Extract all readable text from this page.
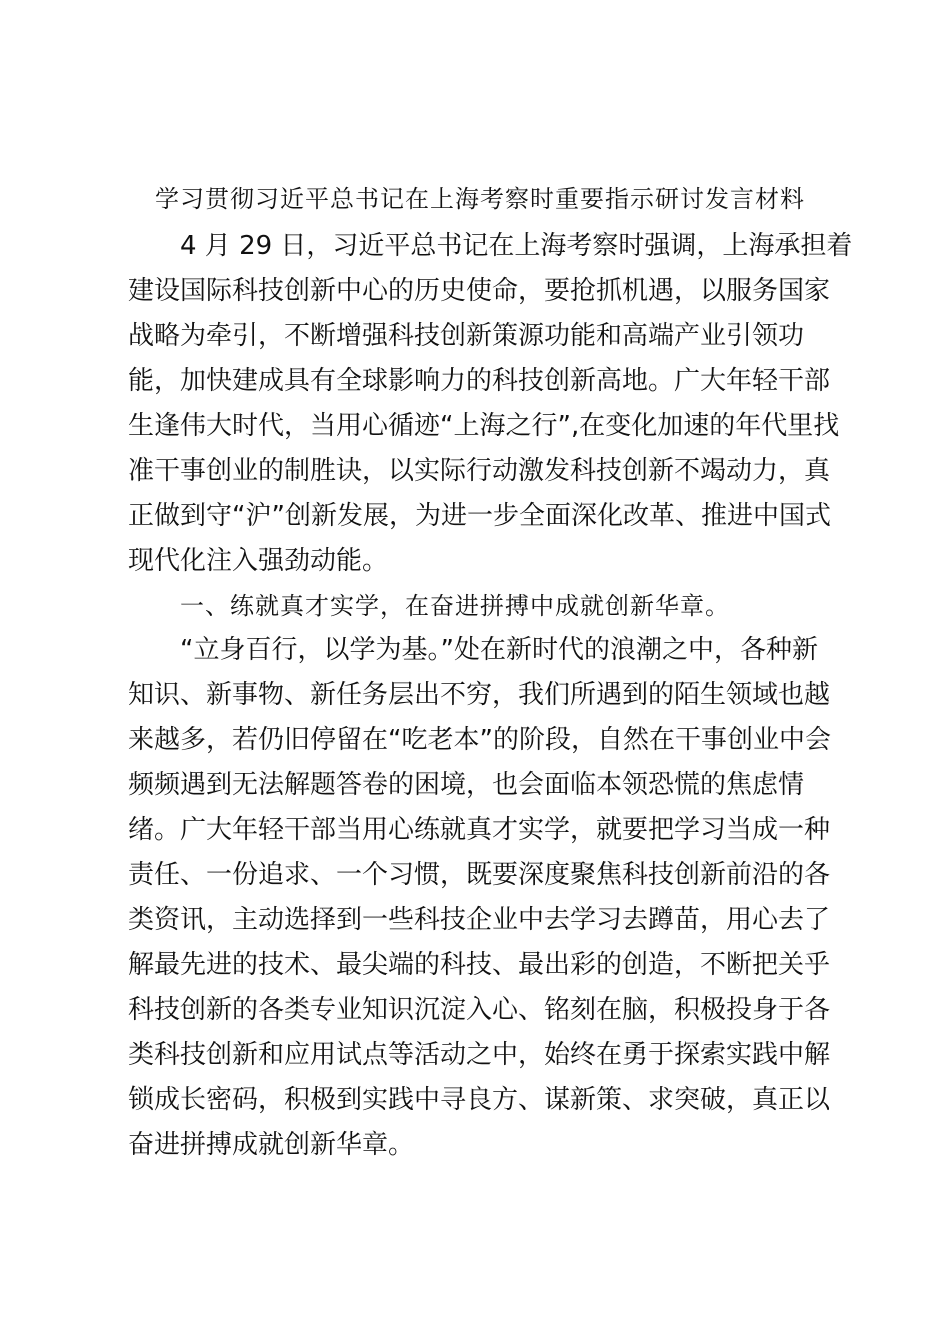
学习贯彻习近平总书记在上海考察时重要指示研讨发言材料
4 月 29 日，习近平总书记在上海考察时强调，上海承担着
建设国际科技创新中心的历史使命，要抢抓机遇，以服务国家
战略为牵引，不断增强科技创新策源功能和高端产业引领功
能，加快建成具有全球影响力的科技创新高地。广大年轻干部
生逢伟大时代，当用心循迹“上海之行”,在变化加速的年代里找
准干事创业的制胜诀，以实际行动激发科技创新不竭动力，真
正做到守“沪”创新发展，为进一步全面深化改革、推进中国式
现代化注入强劲动能。
一、练就真才实学，在奋进拼搏中成就创新华章。
“立身百行，以学为基。”处在新时代的浪潮之中，各种新
知识、新事物、新任务层出不穷，我们所遇到的陌生领域也越
来越多，若仍旧停留在“吃老本”的阶段，自然在干事创业中会
频频遇到无法解题答卷的困境，也会面临本领恐慌的焦虑情
绪。广大年轻干部当用心练就真才实学，就要把学习当成一种
责任、一份追求、一个习惯，既要深度聚焦科技创新前沿的各
类资讯，主动选择到一些科技企业中去学习去蹲苗，用心去了
解最先进的技术、最尖端的科技、最出彩的创造，不断把关乎
科技创新的各类专业知识沉淀入心、铭刻在脑，积极投身于各
类科技创新和应用试点等活动之中，始终在勇于探索实践中解
锁成长密码，积极到实践中寻良方、谋新策、求突破，真正以
奋进拼搏成就创新华章。
